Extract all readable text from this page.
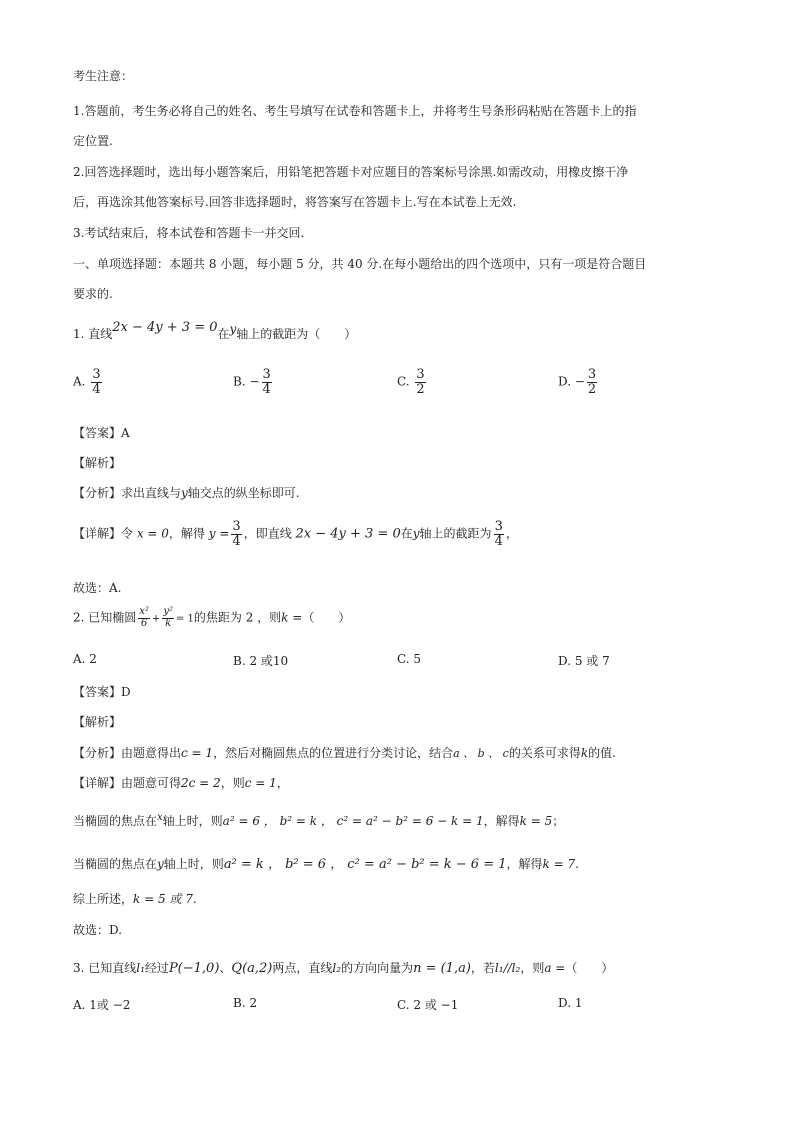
考生注意：
1.答题前，考生务必将自己的姓名、考生号填写在试卷和答题卡上，并将考生号条形码粘贴在答题卡上的指
定位置.
2.回答选择题时，选出每小题答案后，用铅笔把答题卡对应题目的答案标号涂黑.如需改动，用橡皮擦干净
后，再选涂其他答案标号.回答非选择题时，将答案写在答题卡上.写在本试卷上无效.
3.考试结束后，将本试卷和答题卡一并交回.
一、单项选择题：本题共 8 小题，每小题 5 分，共 40 分.在每小题给出的四个选项中，只有一项是符合题目
要求的.
1. 直线2x − 4y + 3 = 0在y轴上的截距为（　　）
A. $\frac{3}{4}$	B. − $\frac{3}{4}$	C. $\frac{3}{2}$	D. − $\frac{3}{2}$
【答案】A
【解析】
【分析】求出直线与y轴交点的纵坐标即可.
【详解】令 x = 0，解得 $y = \frac{3}{4}$ ，即直线 2x − 4y + 3 = 0在y轴上的截距为 $\frac{3}{4}$ ，
故选：A.
2. 已知椭圆 $\frac{\text{x²}}{6} + \frac{\text{y²}}{k} = 1$的焦距为 2 ，则k =（　　）
A. 2	B. 2 或10	C. 5	D. 5 或 7
【答案】D
【解析】
【分析】由题意得出c = 1，然后对椭圆焦点的位置进行分类讨论，结合a 、 b 、 c的关系可求得k的值.
【详解】由题意可得2c = 2，则c = 1，
当椭圆的焦点在$^x$轴上时，则a² = 6 ， b² = k ， c² = a² − b² = 6 − k = 1，解得k = 5；
当椭圆的焦点在y轴上时，则a² = k ， b² = 6 ， c² = a² − b² = k − 6 = 1，解得k = 7.
综上所述，k = 5 或 7.
故选：D.
3. 已知直线l₁经过P(−1,0)、Q(a,2)两点，直线l₂的方向向量为n = (1,a)，若l₁//l₂，则a =（　　）
A. 1或 −2	B. 2	C. 2 或 −1	D. 1
